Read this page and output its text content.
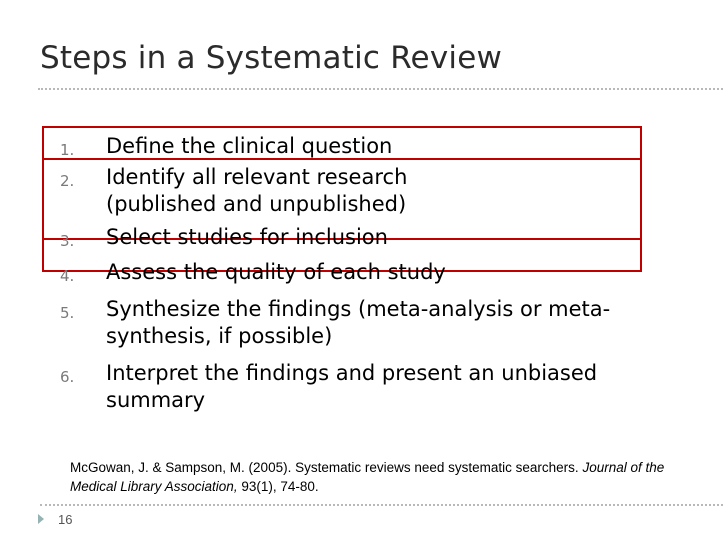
Steps in a Systematic Review
1. Define the clinical question
2. Identify all relevant research
(published and unpublished)
3. Select studies for inclusion
4. Assess the quality of each study
5. Synthesize the findings (meta-analysis or meta-
synthesis, if possible)
6. Interpret the findings and present an unbiased
summary
McGowan, J. & Sampson, M. (2005). Systematic reviews need systematic searchers. Journal of the Medical Library Association, 93(1), 74-80.
16
